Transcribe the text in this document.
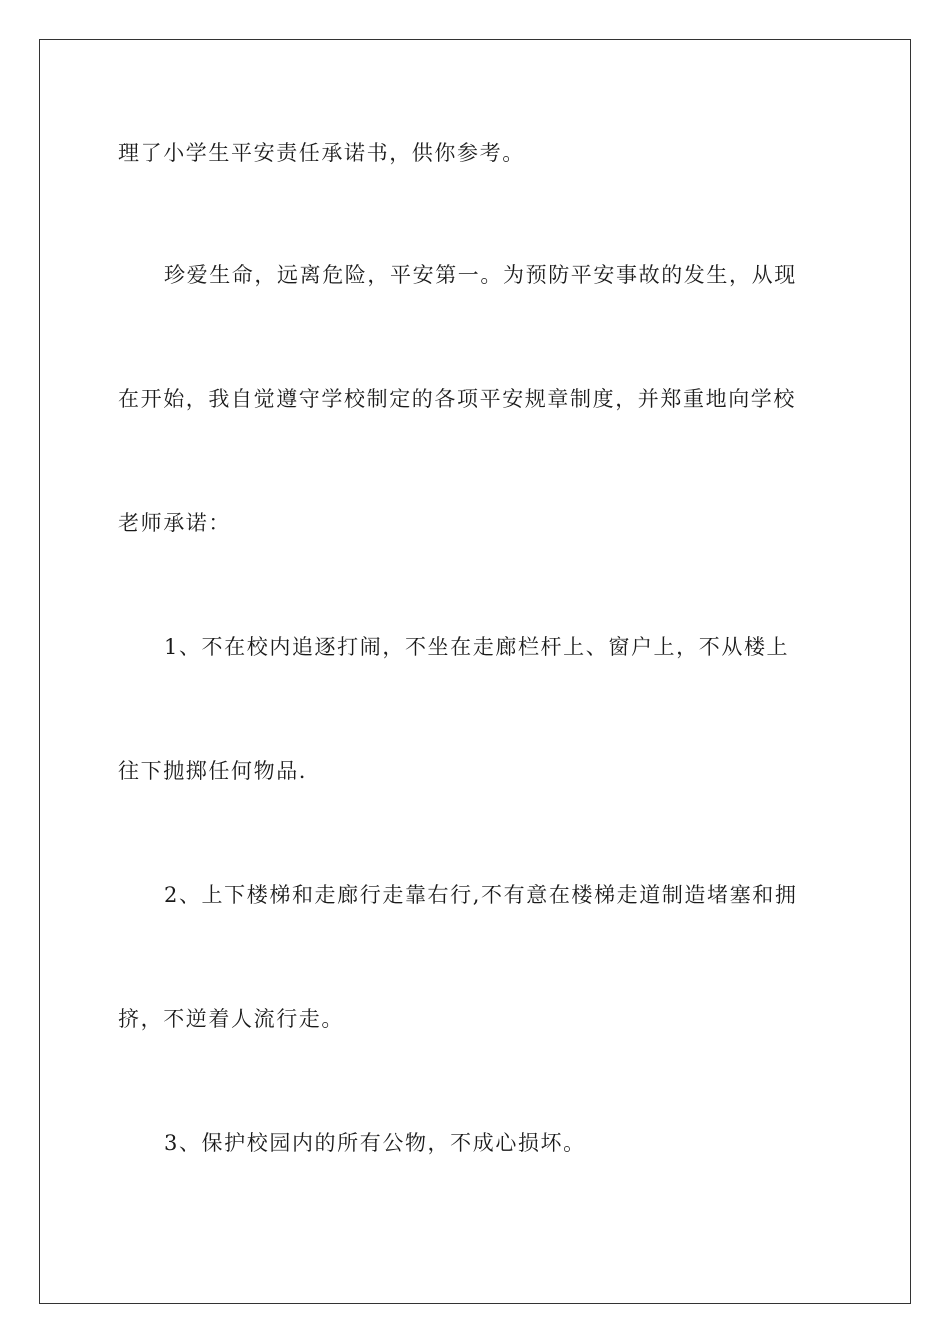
理了小学生平安责任承诺书，供你参考。
珍爱生命，远离危险，平安第一。为预防平安事故的发生，从现
在开始，我自觉遵守学校制定的各项平安规章制度，并郑重地向学校
老师承诺：
1、不在校内追逐打闹，不坐在走廊栏杆上、窗户上，不从楼上
往下抛掷任何物品.
2、上下楼梯和走廊行走靠右行,不有意在楼梯走道制造堵塞和拥
挤，不逆着人流行走。
3、保护校园内的所有公物，不成心损坏。
